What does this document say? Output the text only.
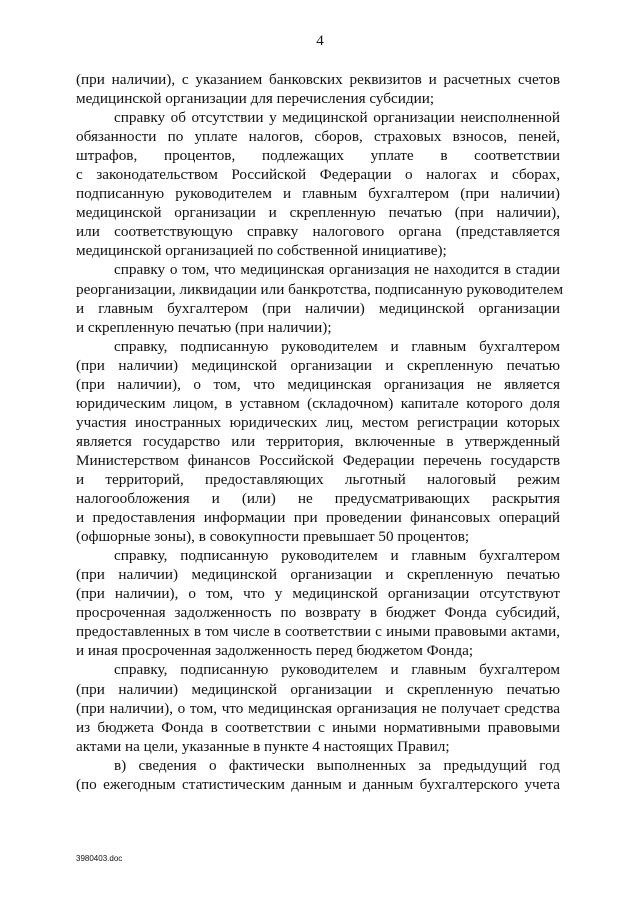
4
(при наличии), с указанием банковских реквизитов и расчетных счетов
медицинской организации для перечисления субсидии;
справку об отсутствии у медицинской организации неисполненной
обязанности по уплате налогов, сборов, страховых взносов, пеней,
штрафов, процентов, подлежащих уплате в соответствии
с законодательством Российской Федерации о налогах и сборах,
подписанную руководителем и главным бухгалтером (при наличии)
медицинской организации и скрепленную печатью (при наличии),
или соответствующую справку налогового органа (представляется
медицинской организацией по собственной инициативе);
справку о том, что медицинская организация не находится в стадии
реорганизации, ликвидации или банкротства, подписанную руководителем
и главным бухгалтером (при наличии) медицинской организации
и скрепленную печатью (при наличии);
справку, подписанную руководителем и главным бухгалтером
(при наличии) медицинской организации и скрепленную печатью
(при наличии), о том, что медицинская организация не является
юридическим лицом, в уставном (складочном) капитале которого доля
участия иностранных юридических лиц, местом регистрации которых
является государство или территория, включенные в утвержденный
Министерством финансов Российской Федерации перечень государств
и территорий, предоставляющих льготный налоговый режим
налогообложения и (или) не предусматривающих раскрытия
и предоставления информации при проведении финансовых операций
(офшорные зоны), в совокупности превышает 50 процентов;
справку, подписанную руководителем и главным бухгалтером
(при наличии) медицинской организации и скрепленную печатью
(при наличии), о том, что у медицинской организации отсутствуют
просроченная задолженность по возврату в бюджет Фонда субсидий,
предоставленных в том числе в соответствии с иными правовыми актами,
и иная просроченная задолженность перед бюджетом Фонда;
справку, подписанную руководителем и главным бухгалтером
(при наличии) медицинской организации и скрепленную печатью
(при наличии), о том, что медицинская организация не получает средства
из бюджета Фонда в соответствии с иными нормативными правовыми
актами на цели, указанные в пункте 4 настоящих Правил;
в) сведения о фактически выполненных за предыдущий год
(по ежегодным статистическим данным и данным бухгалтерского учета
3980403.doc
